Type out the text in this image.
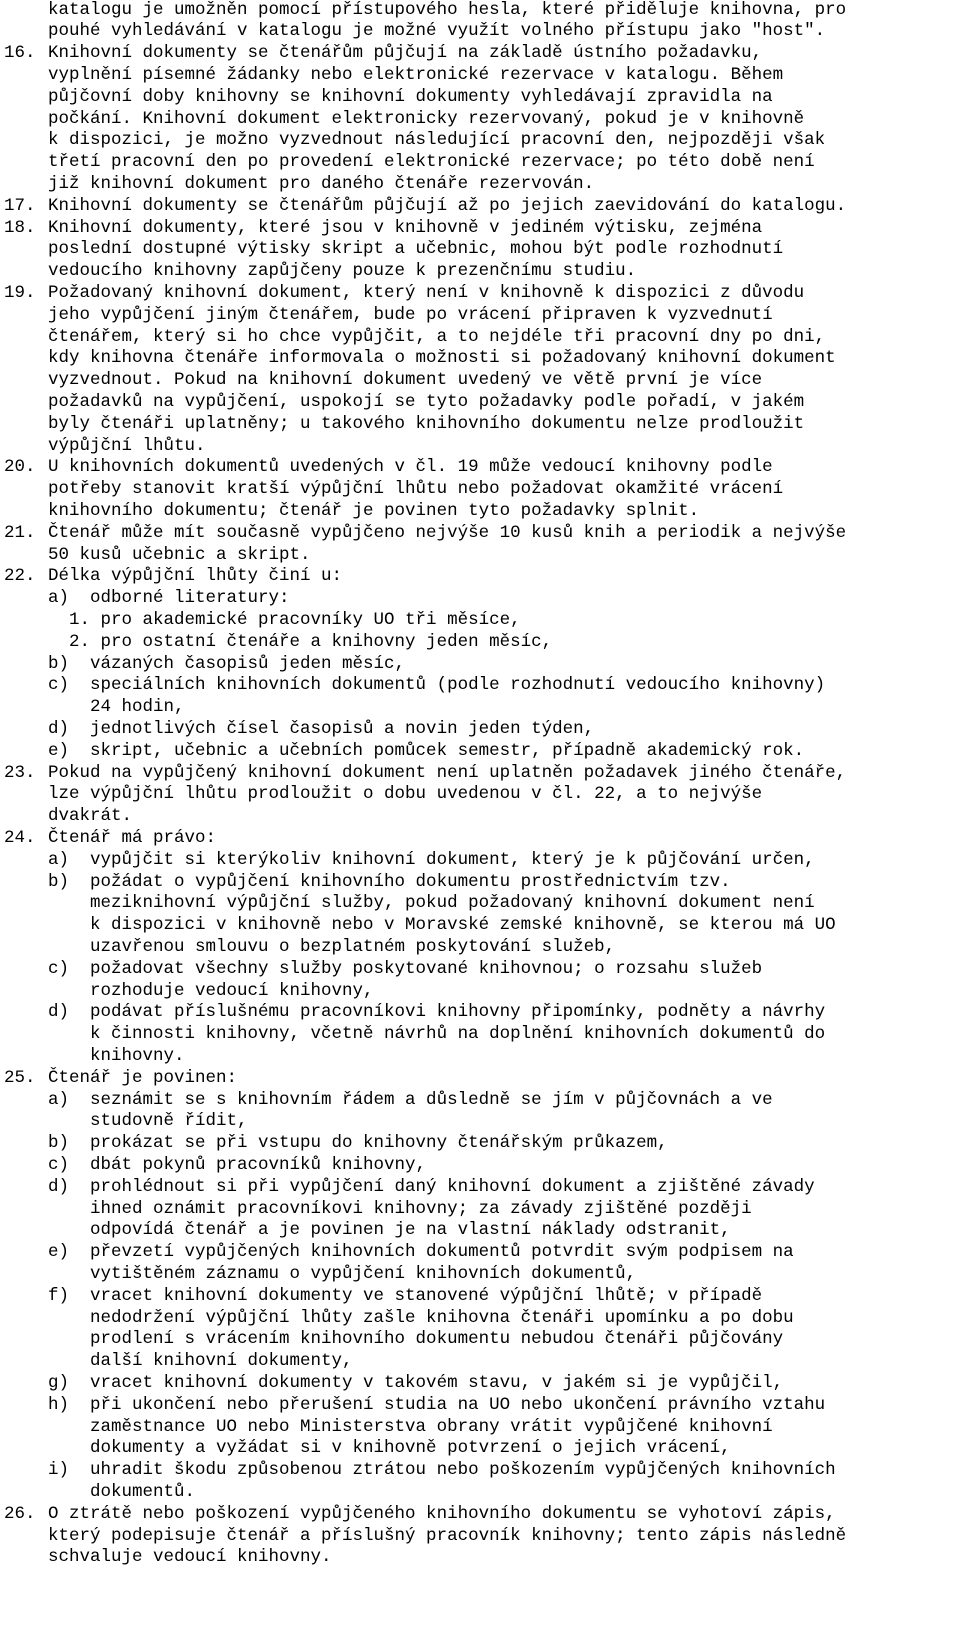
katalogu je umožněn pomocí přístupového hesla, které přiděluje knihovna, pro
pouhé vyhledávání v katalogu je možné využít volného přístupu jako "host".
16. Knihovní dokumenty se čtenářům půjčují na základě ústního požadavku,
vyplnění písemné žádanky nebo elektronické rezervace v katalogu. Během
půjčovní doby knihovny se knihovní dokumenty vyhledávají zpravidla na
počkání. Knihovní dokument elektronicky rezervovaný, pokud je v knihovně
k dispozici, je možno vyzvednout následující pracovní den, nejpozději však
třetí pracovní den po provedení elektronické rezervace; po této době není
již knihovní dokument pro daného čtenáře rezervován.
17. Knihovní dokumenty se čtenářům půjčují až po jejich zaevidování do katalogu.
18. Knihovní dokumenty, které jsou v knihovně v jediném výtisku, zejména
poslední dostupné výtisky skript a učebnic, mohou být podle rozhodnutí
vedoucího knihovny zapůjčeny pouze k prezenčnímu studiu.
19. Požadovaný knihovní dokument, který není v knihovně k dispozici z důvodu
jeho vypůjčení jiným čtenářem, bude po vrácení připraven k vyzvednutí
čtenářem, který si ho chce vypůjčit, a to nejdéle tři pracovní dny po dni,
kdy knihovna čtenáře informovala o možnosti si požadovaný knihovní dokument
vyzvednout. Pokud na knihovní dokument uvedený ve větě první je více
požadavků na vypůjčení, uspokojí se tyto požadavky podle pořadí, v jakém
byly čtenáři uplatněny; u takového knihovního dokumentu nelze prodloužit
výpůjční lhůtu.
20. U knihovních dokumentů uvedených v čl. 19 může vedoucí knihovny podle
potřeby stanovit kratší výpůjční lhůtu nebo požadovat okamžité vrácení
knihovního dokumentu; čtenář je povinen tyto požadavky splnit.
21. Čtenář může mít současně vypůjčeno nejvýše 10 kusů knih a periodik a nejvýše
50 kusů učebnic a skript.
22. Délka výpůjční lhůty činí u:
a)  odborné literatury:
1. pro akademické pracovníky UO tři měsíce,
2. pro ostatní čtenáře a knihovny jeden měsíc,
b)  vázaných časopisů jeden měsíc,
c)  speciálních knihovních dokumentů (podle rozhodnutí vedoucího knihovny)
24 hodin,
d)  jednotlivých čísel časopisů a novin jeden týden,
e)  skript, učebnic a učebních pomůcek semestr, případně akademický rok.
23. Pokud na vypůjčený knihovní dokument není uplatněn požadavek jiného čtenáře,
lze výpůjční lhůtu prodloužit o dobu uvedenou v čl. 22, a to nejvýše
dvakrát.
24. Čtenář má právo:
a)  vypůjčit si kterýkoliv knihovní dokument, který je k půjčování určen,
b)  požádat o vypůjčení knihovního dokumentu prostřednictvím tzv.
meziknihovní výpůjční služby, pokud požadovaný knihovní dokument není
k dispozici v knihovně nebo v Moravské zemské knihovně, se kterou má UO
uzavřenou smlouvu o bezplatném poskytování služeb,
c)  požadovat všechny služby poskytované knihovnou; o rozsahu služeb
rozhoduje vedoucí knihovny,
d)  podávat příslušnému pracovníkovi knihovny připomínky, podněty a návrhy
k činnosti knihovny, včetně návrhů na doplnění knihovních dokumentů do
knihovny.
25. Čtenář je povinen:
a)  seznámit se s knihovním řádem a důsledně se jím v půjčovnách a ve
studovně řídit,
b)  prokázat se při vstupu do knihovny čtenářským průkazem,
c)  dbát pokynů pracovníků knihovny,
d)  prohlédnout si při vypůjčení daný knihovní dokument a zjištěné závady
ihned oznámit pracovníkovi knihovny; za závady zjištěné později
odpovídá čtenář a je povinen je na vlastní náklady odstranit,
e)  převzetí vypůjčených knihovních dokumentů potvrdit svým podpisem na
vytištěném záznamu o vypůjčení knihovních dokumentů,
f)  vracet knihovní dokumenty ve stanovené výpůjční lhůtě; v případě
nedodržení výpůjční lhůty zašle knihovna čtenáři upomínku a po dobu
prodlení s vrácením knihovního dokumentu nebudou čtenáři půjčovány
další knihovní dokumenty,
g)  vracet knihovní dokumenty v takovém stavu, v jakém si je vypůjčil,
h)  při ukončení nebo přerušení studia na UO nebo ukončení právního vztahu
zaměstnance UO nebo Ministerstva obrany vrátit vypůjčené knihovní
dokumenty a vyžádat si v knihovně potvrzení o jejich vrácení,
i)  uhradit škodu způsobenou ztrátou nebo poškozením vypůjčených knihovních
dokumentů.
26. O ztrátě nebo poškození vypůjčeného knihovního dokumentu se vyhotoví zápis,
který podepisuje čtenář a příslušný pracovník knihovny; tento zápis následně
schvaluje vedoucí knihovny.
